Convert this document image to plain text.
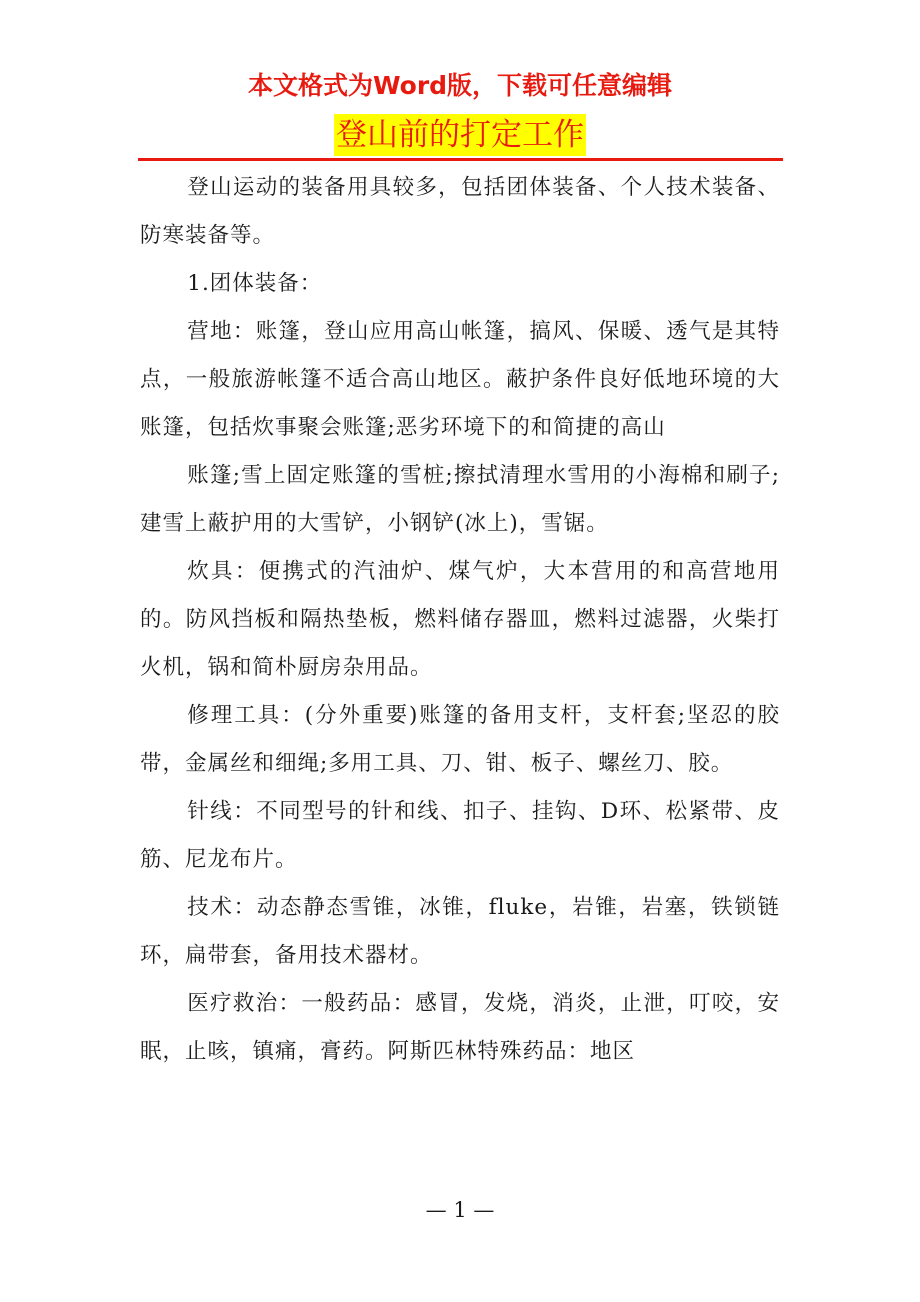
本文格式为Word版，下载可任意编辑
登山前的打定工作

登山运动的装备用具较多，包括团体装备、个人技术装备、防寒装备等。

1.团体装备：

营地：账篷，登山应用高山帐篷，搞风、保暖、透气是其特点，一般旅游帐篷不适合高山地区。蔽护条件良好低地环境的大账篷，包括炊事聚会账篷;恶劣环境下的和简捷的高山

账篷;雪上固定账篷的雪桩;擦拭清理水雪用的小海棉和刷子;建雪上蔽护用的大雪铲，小钢铲(冰上)，雪锯。

炊具：便携式的汽油炉、煤气炉，大本营用的和高营地用的。防风挡板和隔热垫板，燃料储存器皿，燃料过滤器，火柴打火机，锅和简朴厨房杂用品。

修理工具：(分外重要)账篷的备用支杆，支杆套;坚忍的胶带，金属丝和细绳;多用工具、刀、钳、板子、螺丝刀、胶。

针线：不同型号的针和线、扣子、挂钩、D环、松紧带、皮筋、尼龙布片。

技术：动态静态雪锥，冰锥，fluke，岩锥，岩塞，铁锁链环，扁带套，备用技术器材。

医疗救治：一般药品：感冒，发烧，消炎，止泄，叮咬，安眠，止咳，镇痛，膏药。阿斯匹林特殊药品：地区

— 1 —
